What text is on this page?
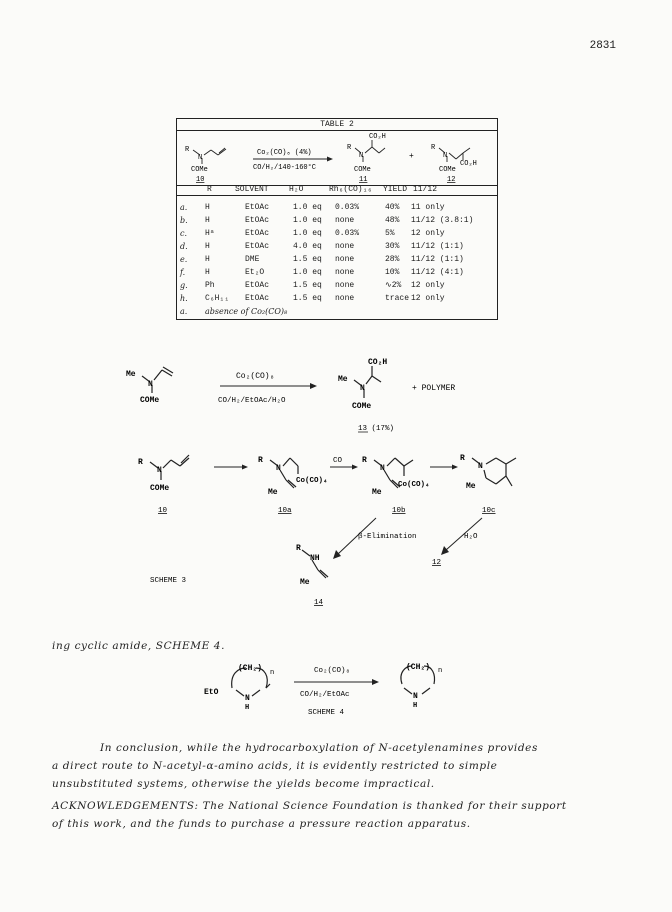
2831
TABLE 2
R
N
COMe
10
Co₂(CO)₈ (4%)
CO/H₂/140-160°C
CO₂H
R
N
COMe
11
+
R
N
CO₂H
COMe
12
R	SOLVENT	H₂O	Rh₆(CO)₁₆ YIELD 11/12
a. H	EtOAc	1.0 eq 0.03%	40% 11 only
b. H	EtOAc	1.0 eq none	48% 11/12 (3.8:1)
c. Hᵃ	EtOAc	1.0 eq 0.03%	5% 12 only
d. H	EtOAc	4.0 eq none	30% 11/12 (1:1)
e. H	DME	1.5 eq none	28% 11/12 (1:1)
f. H	Et₂O	1.0 eq none	10% 11/12 (4:1)
g. Ph	EtOAc	1.5 eq none	∿2% 12 only
h. C₆H₁₁ EtOAc	1.5 eq none	trace 12 only
a. absence of Co₂(CO)₈
Me
N
COMe
Co₂(CO)₈
CO/H₂/EtOAc/H₂O
CO₂H
Me
N
COMe
+ POLYMER
13 (17%)
R
N
COMe
10
R
N
Me
Co(CO)₄
10a
CO R
N
Me
Co(CO)₄
10b
R
N
Me
10c
β-Elimination	H₂O
12
R
NH
Me
14
SCHEME 3
ing cyclic amide, SCHEME 4.
(CH₂) n
EtO
N
H
Co₂(CO)₈
CO/H₂/EtOAc
SCHEME 4
(CH₂) n
N
H
In conclusion, while the hydrocarboxylation of N-acetylenamines provides
a direct route to N-acetyl-α-amino acids, it is evidently restricted to simple
unsubstituted systems, otherwise the yields become impractical.
ACKNOWLEDGEMENTS: The National Science Foundation is thanked for their support
of this work, and the funds to purchase a pressure reaction apparatus.
